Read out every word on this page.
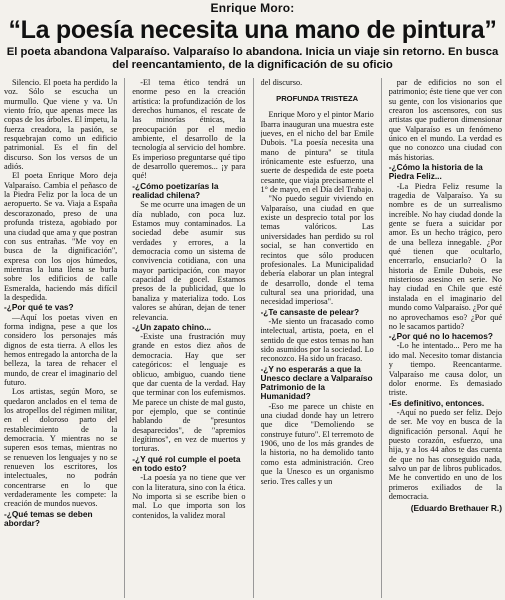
Enrique Moro:
“La poesía necesita una mano de pintura”
El poeta abandona Valparaíso. Valparaíso lo abandona. Inicia un viaje sin retorno. En busca del reencantamiento, de la dignificación de su oficio

Silencio. El poeta ha perdido la voz. Sólo se escucha un murmullo. Que viene y va. Un viento frío, que apenas mece las copas de los árboles. El ímpetu, la fuerza creadora, la pasión, se resquebrajan como un edificio patrimonial. Es el fin del discurso. Son los versos de un adiós.

El poeta Enrique Moro deja Valparaíso. Cambia el peñasco de la Piedra Feliz por la loca de un aeropuerto. Se va. Viaja a España descorazonado, preso de una profunda tristeza, agobiado por una ciudad que ama y que postran con sus entrañas. "Me voy en busca de la dignificación", expresa con los ojos húmedos, mientras la luna llena se burla sobre los edificios de calle Esmeralda, haciendo más difícil la despedida.

-¿Por qué te vas?

—Aquí los poetas viven en forma indigna, pese a que los considero los personajes más dignos de esta tierra. A ellos les hemos entregado la antorcha de la belleza, la tarea de rehacer el mundo, de crear el imaginario del futuro.

Los artistas, según Moro, se quedaron anclados en el tema de los atropellos del régimen militar, en el doloroso parto del restablecimiento de la democracia. Y mientras no se superen esos temas, mientras no se renueven los lenguajes y no se renueven los escritores, los intelectuales, no podrán concentrarse en lo que verdaderamente les compete: la creación de mundos nuevos.

-¿Qué temas se deben abordar?

-El tema ético tendrá un enorme peso en la creación artística: la profundización de los derechos humanos, el rescate de las minorías étnicas, la preocupación por el medio ambiente, el desarrollo de la tecnología al servicio del hombre. Es imperioso preguntarse qué tipo de desarrollo queremos... ¡y para qué!

-¿Cómo poetizarías la realidad chilena?

Se me ocurre una imagen de un día nublado, con poca luz. Estamos muy contaminados. La sociedad debe asumir sus verdades y errores, a la democracia como un sistema de convivencia cotidiana, con una mayor participación, con mayor capacidad de gocel. Estamos presos de la publicidad, que lo banaliza y materializa todo. Los valores se ahúran, dejan de tener relevancia.

-¿Un zapato chino...

-Existe una frustración muy grande en estos diez años de democracia. Hay que ser categóricos: el lenguaje es oblicuo, ambiguo, cuando tiene que dar cuenta de la verdad. Hay que terminar con los eufemismos. Me parece un chiste de mal gusto, por ejemplo, que se continúe hablando de "presuntos desaparecidos", de "apremios ilegítimos", en vez de muertos y torturas.

-¿Y qué rol cumple el poeta en todo esto?

-La poesía ya no tiene que ver con la literatura, sino con la ética. No importa si se escribe bien o mal. Lo que importa son los contenidos, la validez moral

del discurso.

PROFUNDA TRISTEZA

Enrique Moro y el pintor Mario Ibarra inauguran una muestra este jueves, en el nicho del bar Emile Dubois. "La poesía necesita una mano de pintura" se titula irónicamente este esfuerzo, una suerte de despedida de este poeta cesante, que viaja precisamente el 1° de mayo, en el Día del Trabajo.

"No puedo seguir viviendo en Valparaíso, una ciudad en que existe un desprecio total por los temas valóricos. Las universidades han perdido su rol social, se han convertido en recintos que sólo producen profesionales. La Municipalidad debería elaborar un plan integral de desarrollo, donde el tema cultural sea una prioridad, una necesidad imperiosa".

-¿Te cansaste de pelear?

-Me siento un fracasado como intelectual, artista, poeta, en el sentido de que estos temas no han sido asumidos por la sociedad. Lo reconozco. Ha sido un fracaso.

-¿Y no esperarás a que la Unesco declare a Valparaíso Patrimonio de la Humanidad?

-Eso me parece un chiste en una ciudad donde hay un letrero que dice "Demoliendo se construye futuro". El terremoto de 1906, uno de los más grandes de la historia, no ha demolido tanto como esta administración. Creo que la Unesco es un organismo serio. Tres calles y un

par de edificios no son el patrimonio; éste tiene que ver con su gente, con los visionarios que crearon los ascensores, con sus artistas que pudieron dimensionar que Valparaíso es un fenómeno único en el mundo. La verdad es que no conozco una ciudad con más historias.

-¿Cómo la historia de la Piedra Feliz...

-La Piedra Feliz resume la tragedia de Valparaíso. Ya su nombre es de un surrealismo increíble. No hay ciudad donde la gente se fuera a suicidar por amor. Es un hecho trágico, pero de una belleza innegable. ¿Por qué tienen que ocultarlo, encerrarlo, ensuciarlo? O la historia de Emile Dubois, ese misterioso asesino en serie. No hay ciudad en Chile que esté instalada en el imaginario del mundo como Valparaíso. ¿Por qué no aprovechamos eso? ¿Por qué no le sacamos partido?

-¿Por qué no lo hacemos?

-Lo he intentado... Pero me ha ido mal. Necesito tomar distancia y tiempo. Reencantarme. Valparaíso me causa dolor, un dolor enorme. Es demasiado triste.

-Es definitivo, entonces.

-Aquí no puedo ser feliz. Dejo de ser. Me voy en busca de la dignificación personal. Aquí he puesto corazón, esfuerzo, una hija, y a los 44 años te das cuenta de que no has conseguido nada, salvo un par de libros publicados. Me he convertido en uno de los primeros exiliados de la democracia.

(Eduardo Brethauer R.)
